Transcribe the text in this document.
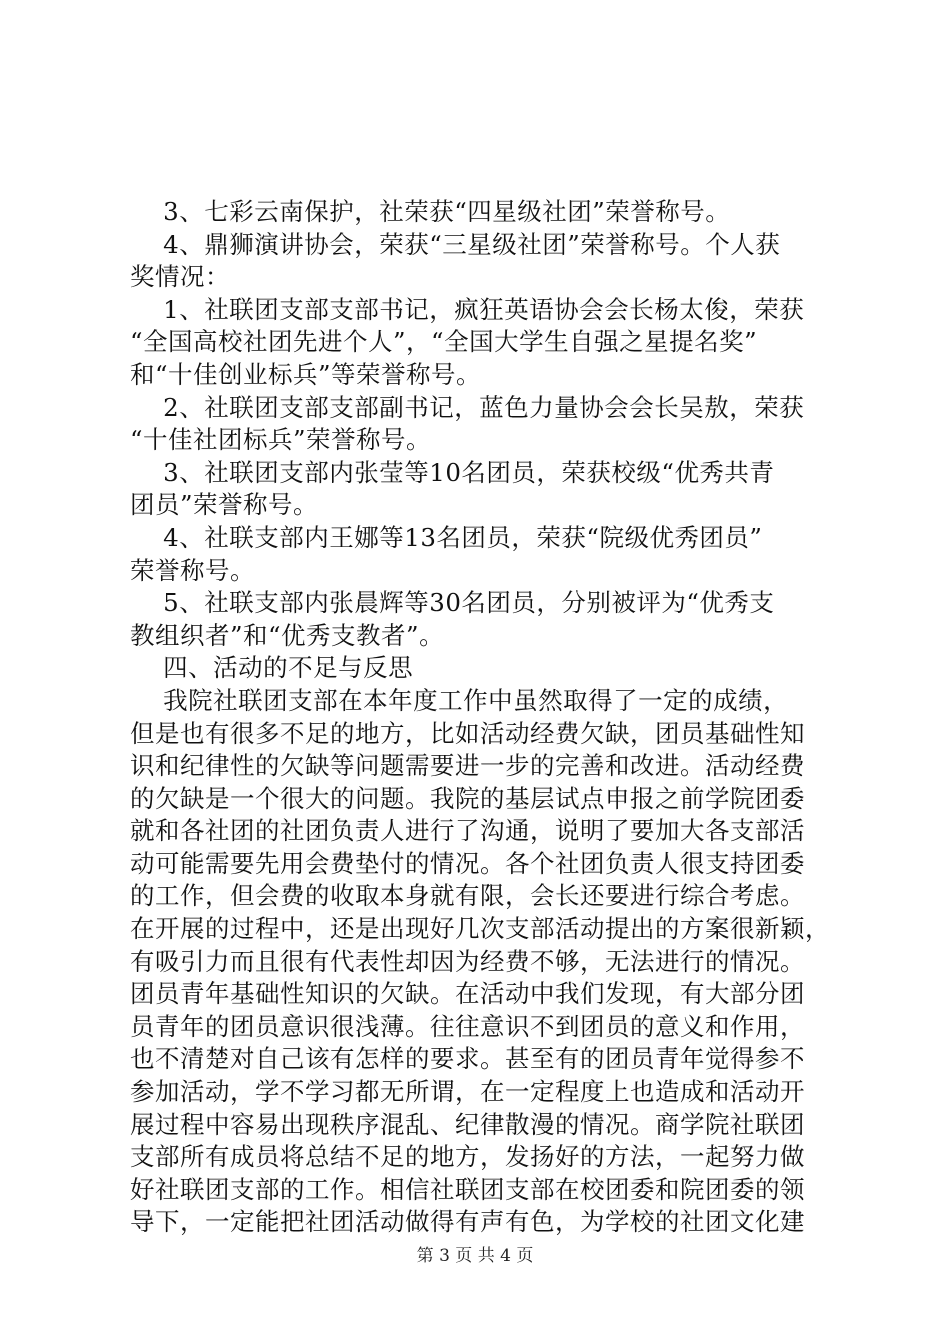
3、七彩云南保护，社荣获“四星级社团”荣誉称号。
4、鼎狮演讲协会，荣获“三星级社团”荣誉称号。个人获
奖情况：
1、社联团支部支部书记，疯狂英语协会会长杨太俊，荣获
“全国高校社团先进个人”，“全国大学生自强之星提名奖”
和“十佳创业标兵”等荣誉称号。
2、社联团支部支部副书记，蓝色力量协会会长吴敖，荣获
“十佳社团标兵”荣誉称号。
3、社联团支部内张莹等10名团员，荣获校级“优秀共青
团员”荣誉称号。
4、社联支部内王娜等13名团员，荣获“院级优秀团员”
荣誉称号。
5、社联支部内张晨辉等30名团员，分别被评为“优秀支
教组织者”和“优秀支教者”。
四、活动的不足与反思
我院社联团支部在本年度工作中虽然取得了一定的成绩，
但是也有很多不足的地方，比如活动经费欠缺，团员基础性知
识和纪律性的欠缺等问题需要进一步的完善和改进。活动经费
的欠缺是一个很大的问题。我院的基层试点申报之前学院团委
就和各社团的社团负责人进行了沟通，说明了要加大各支部活
动可能需要先用会费垫付的情况。各个社团负责人很支持团委
的工作，但会费的收取本身就有限，会长还要进行综合考虑。
在开展的过程中，还是出现好几次支部活动提出的方案很新颖，
有吸引力而且很有代表性却因为经费不够，无法进行的情况。
团员青年基础性知识的欠缺。在活动中我们发现，有大部分团
员青年的团员意识很浅薄。往往意识不到团员的意义和作用，
也不清楚对自己该有怎样的要求。甚至有的团员青年觉得参不
参加活动，学不学习都无所谓，在一定程度上也造成和活动开
展过程中容易出现秩序混乱、纪律散漫的情况。商学院社联团
支部所有成员将总结不足的地方，发扬好的方法，一起努力做
好社联团支部的工作。相信社联团支部在校团委和院团委的领
导下，一定能把社团活动做得有声有色，为学校的社团文化建
第 3 页 共 4 页
